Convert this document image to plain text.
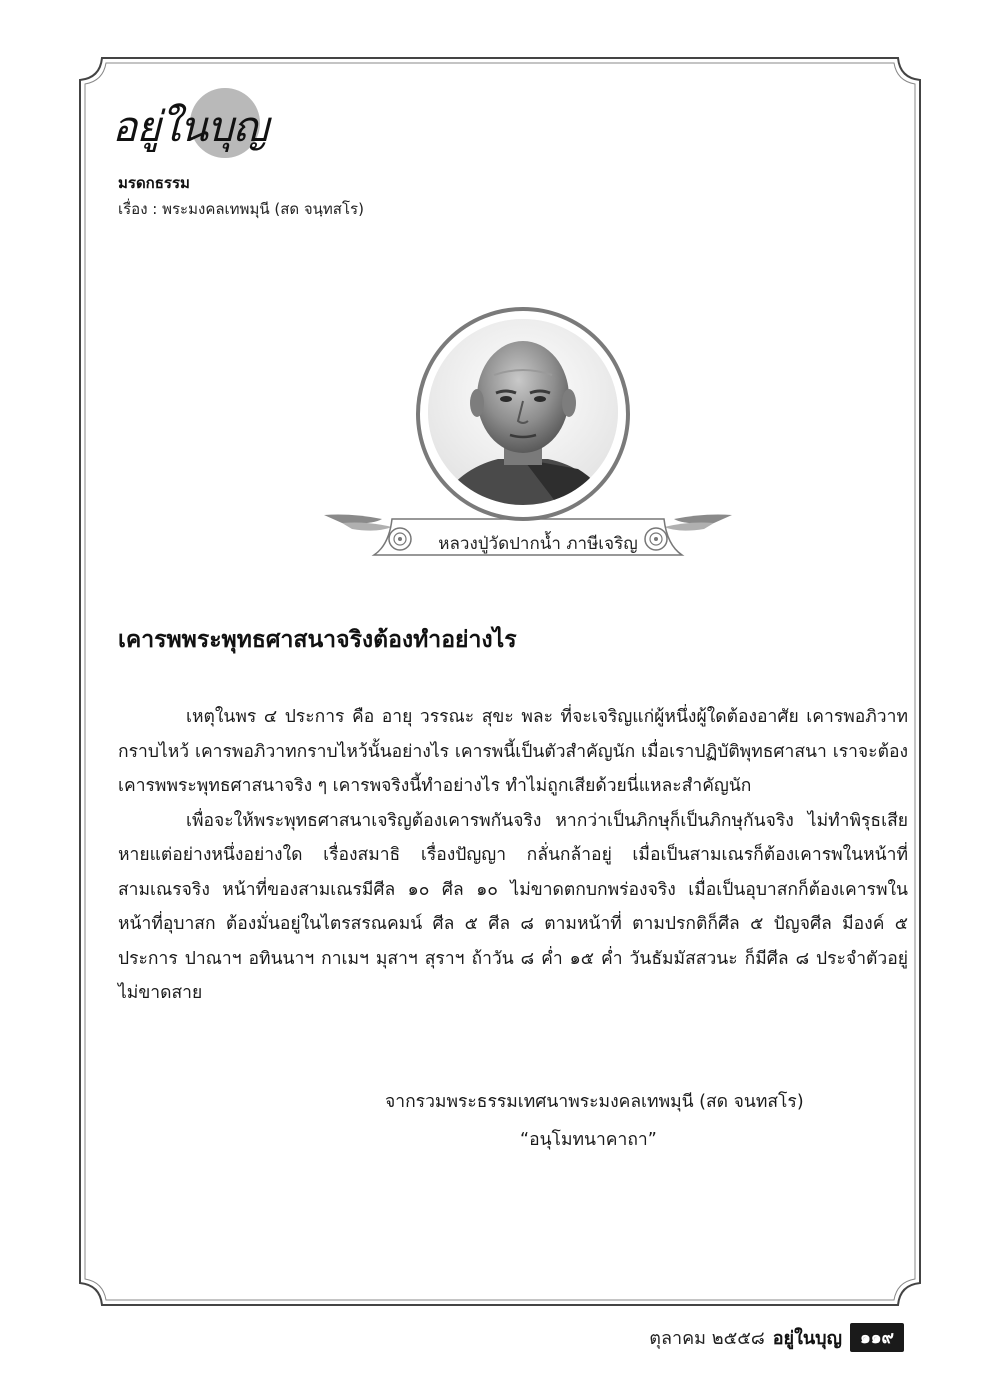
อยู่ในบุญ
มรดกธรรม
เรื่อง : พระมงคลเทพมุนี (สด จนฺทสโร)
หลวงปู่วัดปากน้ำ ภาษีเจริญ
เคารพพระพุทธศาสนาจริงต้องทำอย่างไร

เหตุในพร ๔ ประการ คือ อายุ วรรณะ สุขะ พละ ที่จะเจริญแก่ผู้หนึ่งผู้ใดต้องอาศัย เคารพอภิวาทกราบไหว้ เคารพอภิวาทกราบไหว้นั้นอย่างไร เคารพนี้เป็นตัวสำคัญนัก เมื่อเราปฏิบัติพุทธศาสนา เราจะต้องเคารพพระพุทธศาสนาจริง ๆ เคารพจริงนี้ทำอย่างไร ทำไม่ถูกเสียด้วยนี่แหละสำคัญนัก

เพื่อจะให้พระพุทธศาสนาเจริญต้องเคารพกันจริง หากว่าเป็นภิกษุก็เป็นภิกษุกันจริง ไม่ทำพิรุธเสียหายแต่อย่างหนึ่งอย่างใด เรื่องสมาธิ เรื่องปัญญา กลั่นกล้าอยู่ เมื่อเป็นสามเณรก็ต้องเคารพในหน้าที่สามเณรจริง หน้าที่ของสามเณรมีศีล ๑๐ ศีล ๑๐ ไม่ขาดตกบกพร่องจริง เมื่อเป็นอุบาสกก็ต้องเคารพในหน้าที่อุบาสก ต้องมั่นอยู่ในไตรสรณคมน์ ศีล ๕ ศีล ๘ ตามหน้าที่ ตามปรกติก็ศีล ๕ ปัญจศีล มีองค์ ๕ ประการ ปาณาฯ อทินนาฯ กาเมฯ มุสาฯ สุราฯ ถ้าวัน ๘ ค่ำ ๑๕ ค่ำ วันธัมมัสสวนะ ก็มีศีล ๘ ประจำตัวอยู่ไม่ขาดสาย

จากรวมพระธรรมเทศนาพระมงคลเทพมุนี (สด จนทสโร)
“อนุโมทนาคาถา”
ตุลาคม ๒๕๕๘ อยู่ในบุญ	๑๑๙
